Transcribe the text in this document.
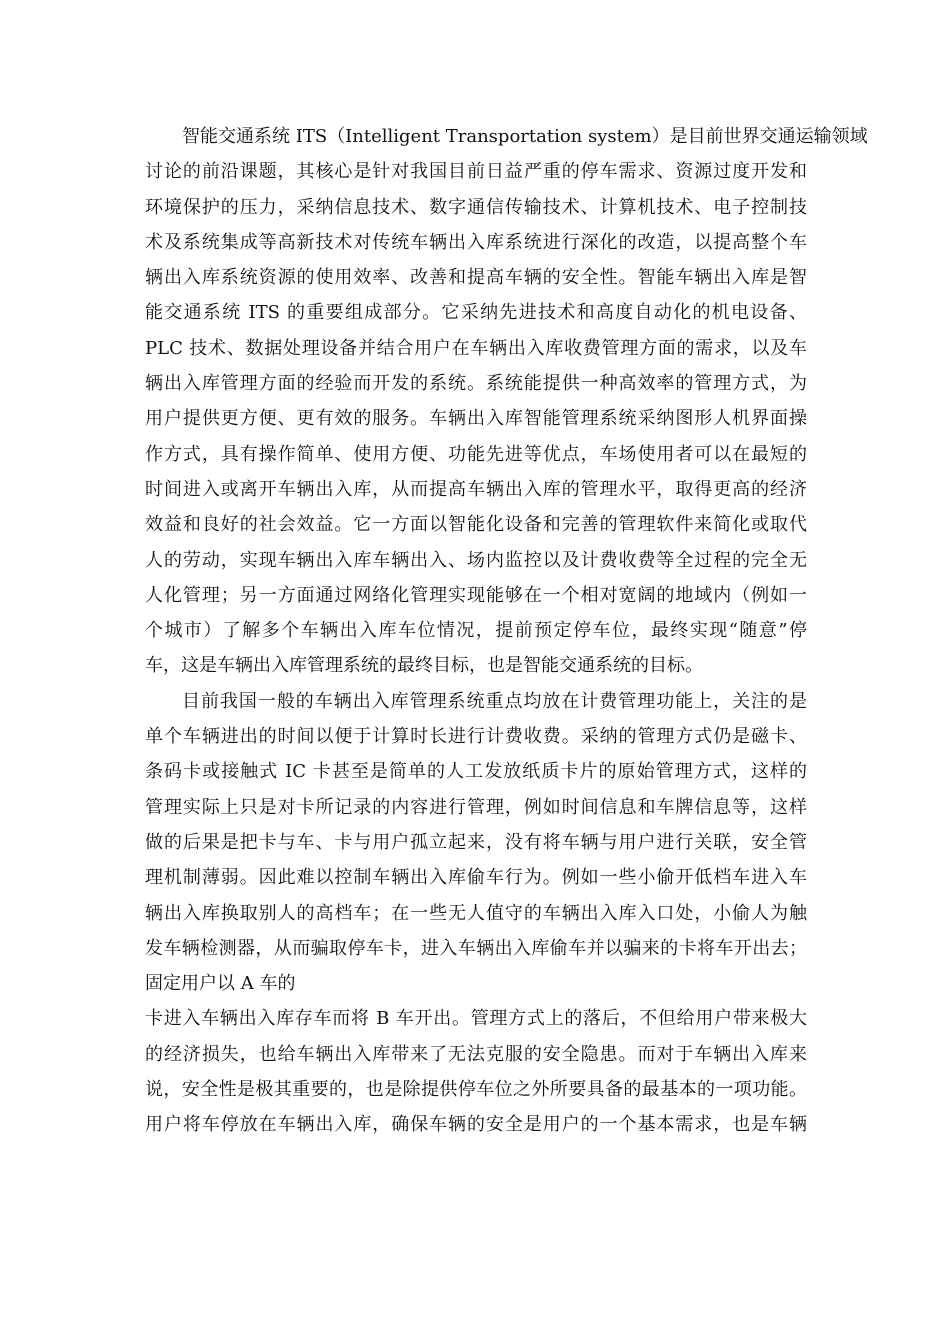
智能交通系统 ITS（Intelligent Transportation system）是目前世界交通运输领域
讨论的前沿课题，其核心是针对我国目前日益严重的停车需求、资源过度开发和
环境保护的压力，采纳信息技术、数字通信传输技术、计算机技术、电子控制技
术及系统集成等高新技术对传统车辆出入库系统进行深化的改造，以提高整个车
辆出入库系统资源的使用效率、改善和提高车辆的安全性。智能车辆出入库是智
能交通系统 ITS 的重要组成部分。它采纳先进技术和高度自动化的机电设备、
PLC 技术、数据处理设备并结合用户在车辆出入库收费管理方面的需求，以及车
辆出入库管理方面的经验而开发的系统。系统能提供一种高效率的管理方式，为
用户提供更方便、更有效的服务。车辆出入库智能管理系统采纳图形人机界面操
作方式，具有操作简单、使用方便、功能先进等优点，车场使用者可以在最短的
时间进入或离开车辆出入库，从而提高车辆出入库的管理水平，取得更高的经济
效益和良好的社会效益。它一方面以智能化设备和完善的管理软件来简化或取代
人的劳动，实现车辆出入库车辆出入、场内监控以及计费收费等全过程的完全无
人化管理；另一方面通过网络化管理实现能够在一个相对宽阔的地域内（例如一
个城市）了解多个车辆出入库车位情况，提前预定停车位，最终实现“随意”停
车，这是车辆出入库管理系统的最终目标，也是智能交通系统的目标。
目前我国一般的车辆出入库管理系统重点均放在计费管理功能上，关注的是
单个车辆进出的时间以便于计算时长进行计费收费。采纳的管理方式仍是磁卡、
条码卡或接触式 IC 卡甚至是简单的人工发放纸质卡片的原始管理方式，这样的
管理实际上只是对卡所记录的内容进行管理，例如时间信息和车牌信息等，这样
做的后果是把卡与车、卡与用户孤立起来，没有将车辆与用户进行关联，安全管
理机制薄弱。因此难以控制车辆出入库偷车行为。例如一些小偷开低档车进入车
辆出入库换取别人的高档车；在一些无人值守的车辆出入库入口处，小偷人为触
发车辆检测器，从而骗取停车卡，进入车辆出入库偷车并以骗来的卡将车开出去；
固定用户以 A 车的
卡进入车辆出入库存车而将 B 车开出。管理方式上的落后，不但给用户带来极大
的经济损失，也给车辆出入库带来了无法克服的安全隐患。而对于车辆出入库来
说，安全性是极其重要的，也是除提供停车位之外所要具备的最基本的一项功能。
用户将车停放在车辆出入库，确保车辆的安全是用户的一个基本需求，也是车辆
